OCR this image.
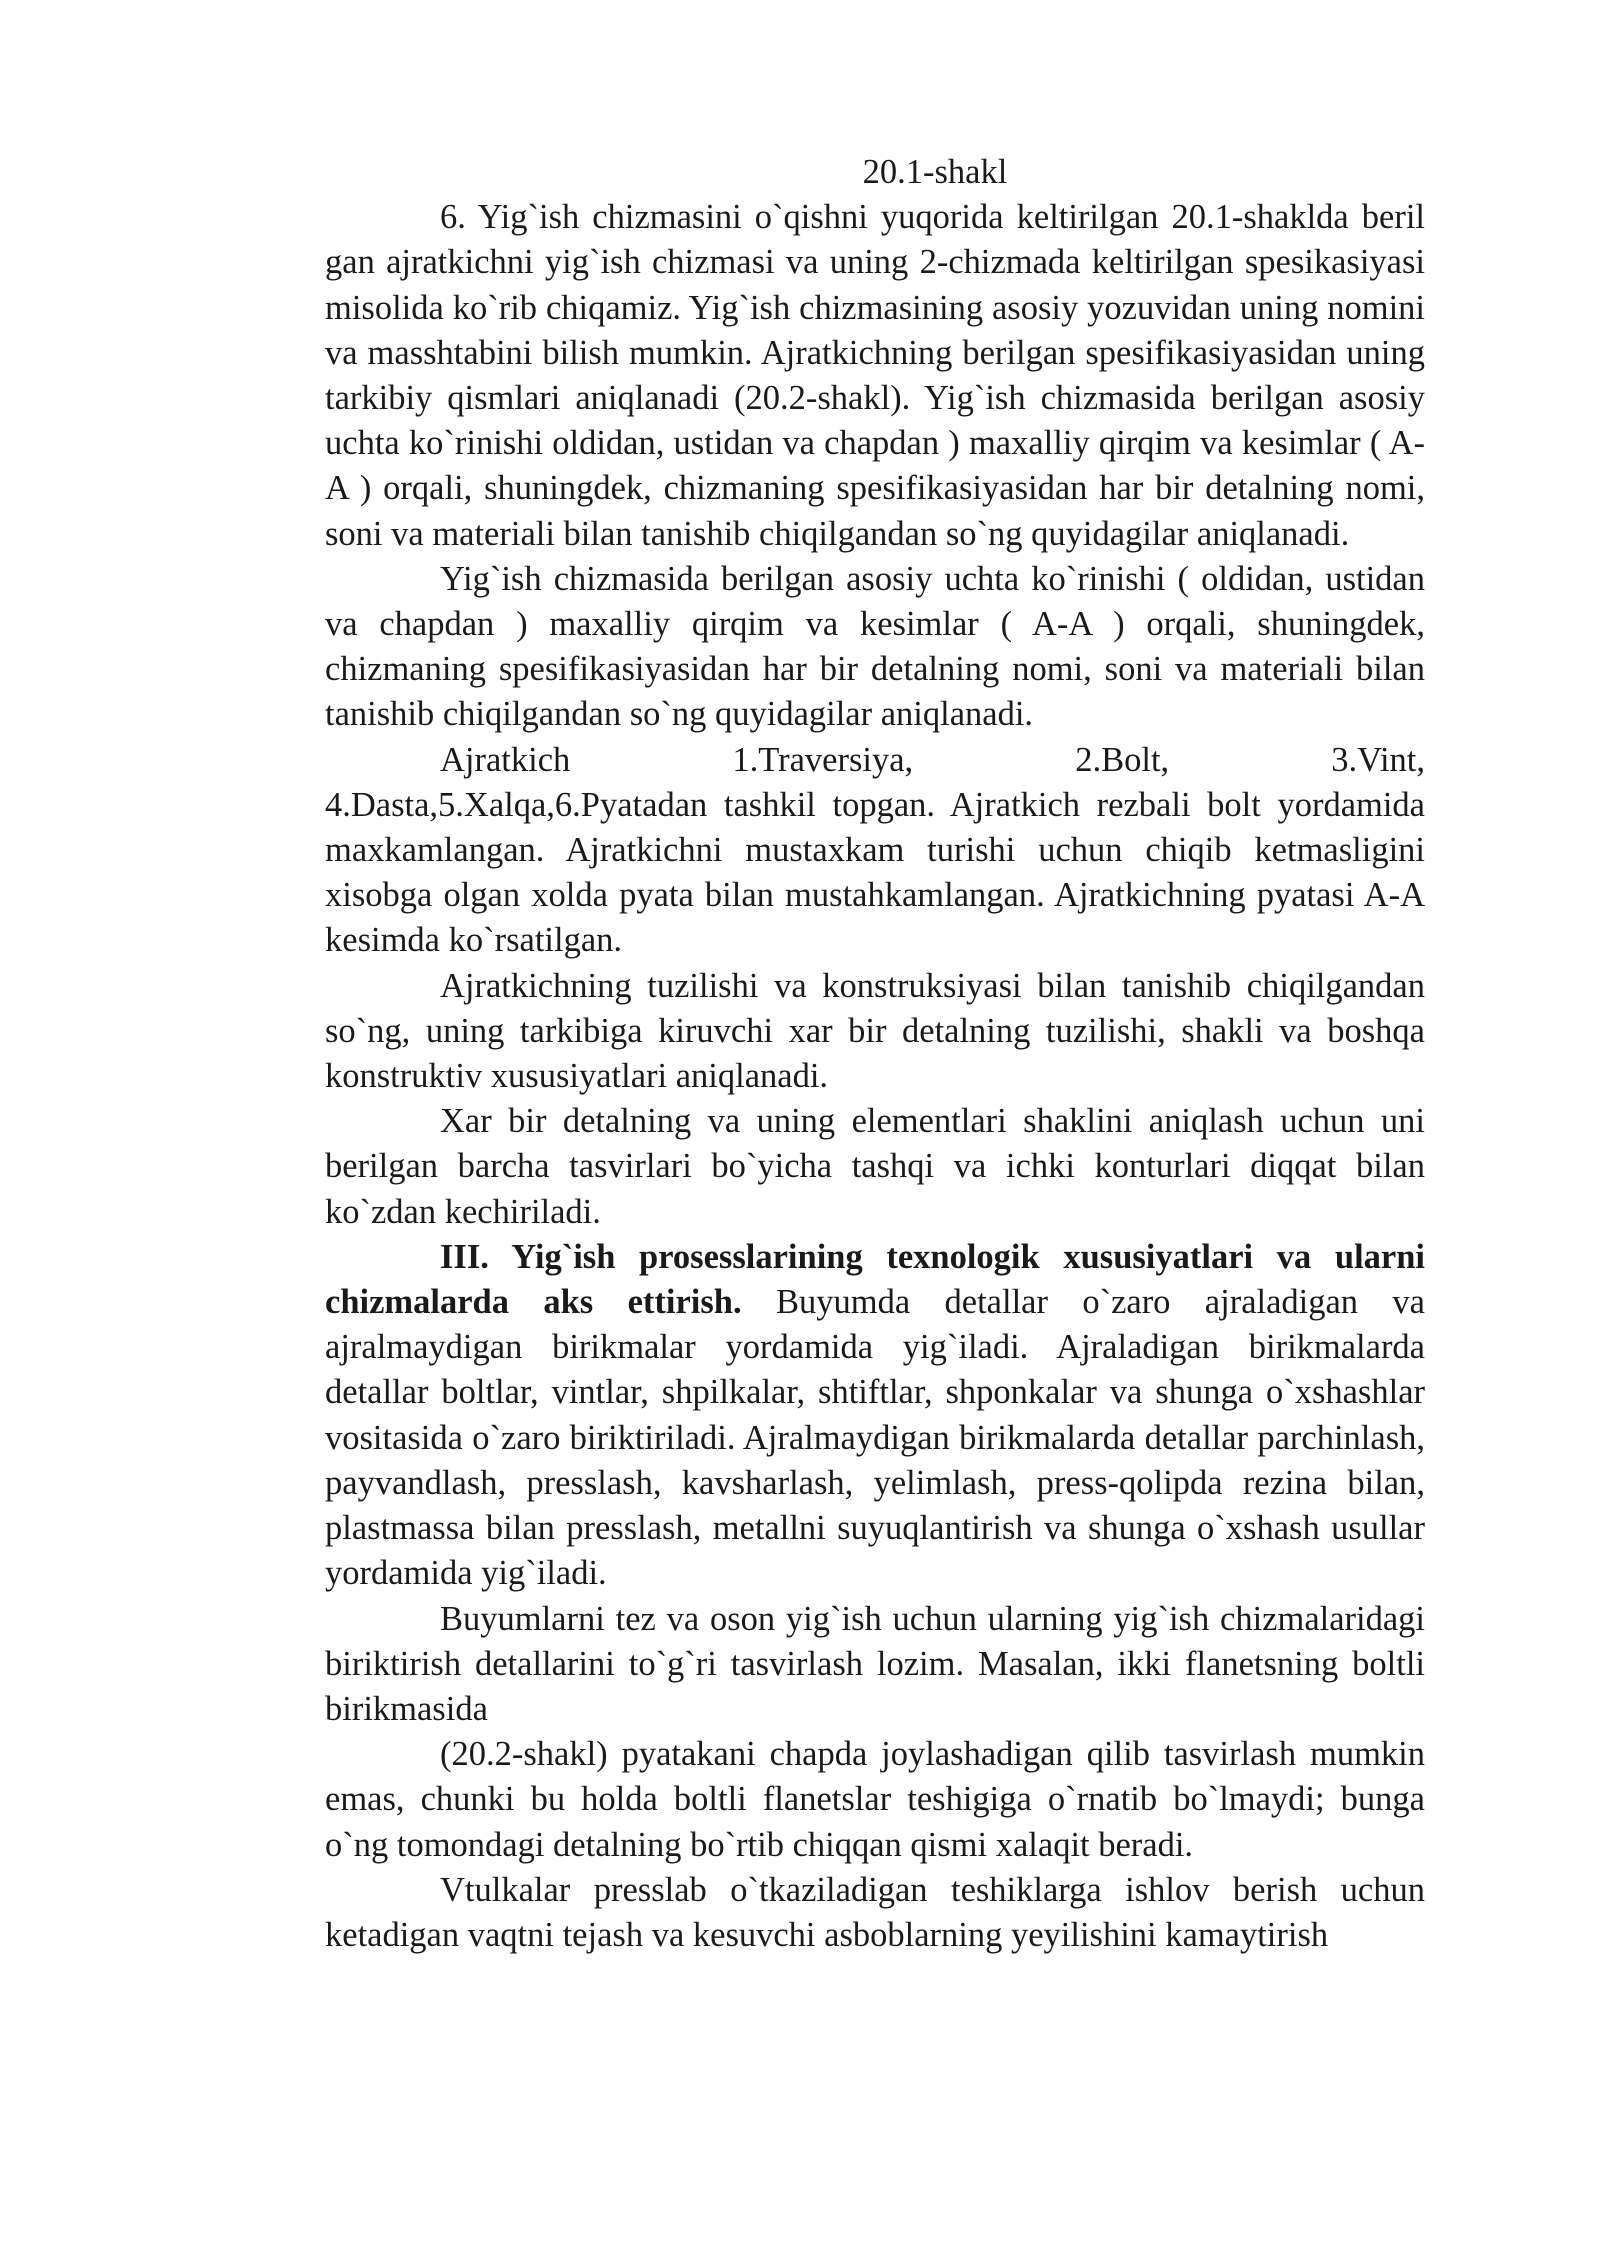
20.1-shakl

6. Yig`ish chizmasini o`qishni yuqorida keltirilgan 20.1-shaklda beril gan ajratkichni yig`ish chizmasi va uning 2-chizmada keltirilgan spesikasiyasi misolida ko`rib chiqamiz. Yig`ish chizmasining asosiy yozuvidan uning nomini va masshtabini bilish mumkin. Ajratkichning berilgan spesifikasiyasidan uning tarkibiy qismlari aniqlanadi (20.2-shakl). Yig`ish chizmasida berilgan asosiy uchta ko`rinishi oldidan, ustidan va chapdan ) maxalliy qirqim va kesimlar ( A-A ) orqali, shuningdek, chizmaning spesifikasiyasidan har bir detalning nomi, soni va materiali bilan tanishib chiqilgandan so`ng quyidagilar aniqlanadi.

Yig`ish chizmasida berilgan asosiy uchta ko`rinishi ( oldidan, ustidan va chapdan ) maxalliy qirqim va kesimlar ( A-A ) orqali, shuningdek, chizmaning spesifikasiyasidan har bir detalning nomi, soni va materiali bilan tanishib chiqilgandan so`ng quyidagilar aniqlanadi.

Ajratkich 1.Traversiya, 2.Bolt, 3.Vint,

4.Dasta,5.Xalqa,6.Pyatadan tashkil topgan. Ajratkich rezbali bolt yordamida maxkamlangan. Ajratkichni mustaxkam turishi uchun chiqib ketmasligini xisobga olgan xolda pyata bilan mustahkamlangan. Ajratkichning pyatasi A-A kesimda ko`rsatilgan.

Ajratkichning tuzilishi va konstruksiyasi bilan tanishib chiqilgandan so`ng, uning tarkibiga kiruvchi xar bir detalning tuzilishi, shakli va boshqa konstruktiv xususiyatlari aniqlanadi.

Xar bir detalning va uning elementlari shaklini aniqlash uchun uni berilgan barcha tasvirlari bo`yicha tashqi va ichki konturlari diqqat bilan ko`zdan kechiriladi.

III. Yig`ish prosesslarining texnologik xususiyatlari va ularni chizmalarda aks ettirish. Buyumda detallar o`zaro ajraladigan va ajralmaydigan birikmalar yordamida yig`iladi. Ajraladigan birikmalarda detallar boltlar, vintlar, shpilkalar, shtiftlar, shponkalar va shunga o`xshashlar vositasida o`zaro biriktiriladi. Ajralmaydigan birikmalarda detallar parchinlash, payvandlash, presslash, kavsharlash, yelimlash, press-qolipda rezina bilan, plastmassa bilan presslash, metallni suyuqlantirish va shunga o`xshash usullar yordamida yig`iladi.

Buyumlarni tez va oson yig`ish uchun ularning yig`ish chizmalaridagi biriktirish detallarini to`g`ri tasvirlash lozim. Masalan, ikki flanetsning boltli birikmasida

(20.2-shakl) pyatakani chapda joylashadigan qilib tasvirlash mumkin emas, chunki bu holda boltli flanetslar teshigiga o`rnatib bo`lmaydi; bunga o`ng tomondagi detalning bo`rtib chiqqan qismi xalaqit beradi.

Vtulkalar presslab o`tkaziladigan teshiklarga ishlov berish uchun ketadigan vaqtni tejash va kesuvchi asboblarning yeyilishini kamaytirish
